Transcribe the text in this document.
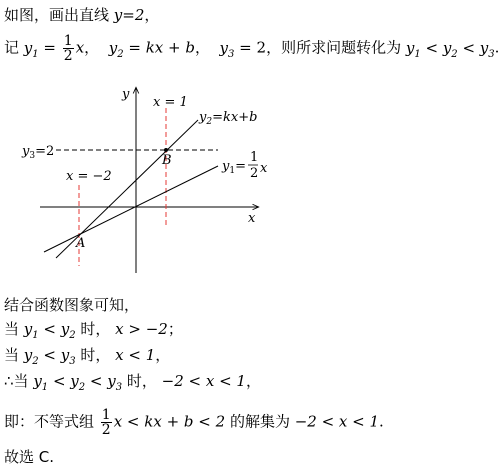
如图，画出直线 y=2，
记 $y_1 = \frac{1}{2}$ x， $y_2$ = kx + b， $y_3 = 2$，则所求问题转化为 $y_1 < y_2 < y_3$.
y
x
$y_3=2$
x = 1
x = −2
$y_2=kx+b$
$y_1=$
1
2 x
B
A
结合函数图象可知，
当 $y_1 < y_2$ 时， x > −2；
当 $y_2 < y_3$ 时， x < 1，
∴当 $y_1 < y_2 < y_3$ 时， −2 < x < 1，
即：不等式组 $\frac{1}{2}$ x < kx + b < 2 的解集为 −2 < x < 1.
故选 C.
